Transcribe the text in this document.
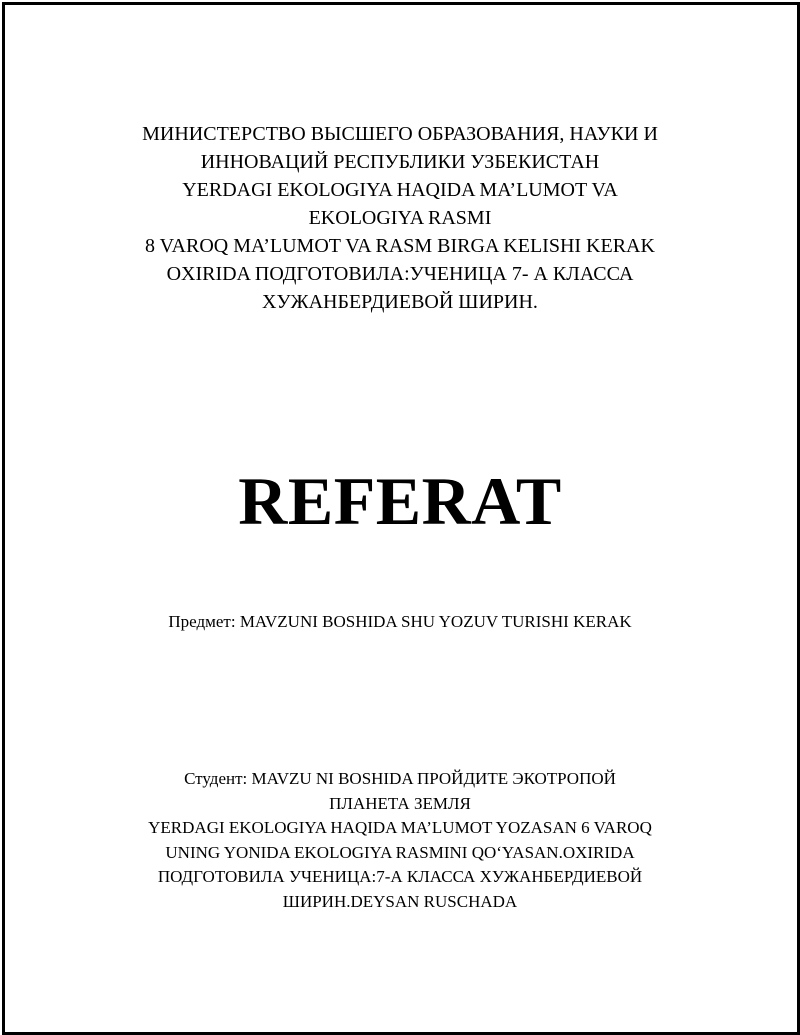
МИНИСТЕРСТВО ВЫСШЕГО ОБРАЗОВАНИЯ, НАУКИ И
ИННОВАЦИЙ РЕСПУБЛИКИ УЗБЕКИСТАН
YERDAGI EKOLOGIYA HAQIDA MA’LUMOT VA
EKOLOGIYA RASMI
8 VAROQ MA’LUMOT VA RASM BIRGA KELISHI KERAK
OXIRIDA ПОДГОТОВИЛА:УЧЕНИЦА 7- А КЛАССА
ХУЖАНБЕРДИЕВОЙ ШИРИН.
REFERAT
Предмет: MAVZUNI BOSHIDA SHU YOZUV TURISHI KERAK
Студент: MAVZU NI BOSHIDA ПРОЙДИТЕ ЭКОТРОПОЙ
ПЛАНЕТА ЗЕМЛЯ
YERDAGI EKOLOGIYA HAQIDA MA’LUMOT YOZASAN 6 VAROQ
UNING YONIDA EKOLOGIYA RASMINI QO‘YASAN.OXIRIDA
ПОДГОТОВИЛА УЧЕНИЦА:7-А КЛАССА ХУЖАНБЕРДИЕВОЙ
ШИРИН.DEYSAN RUSCHADA
